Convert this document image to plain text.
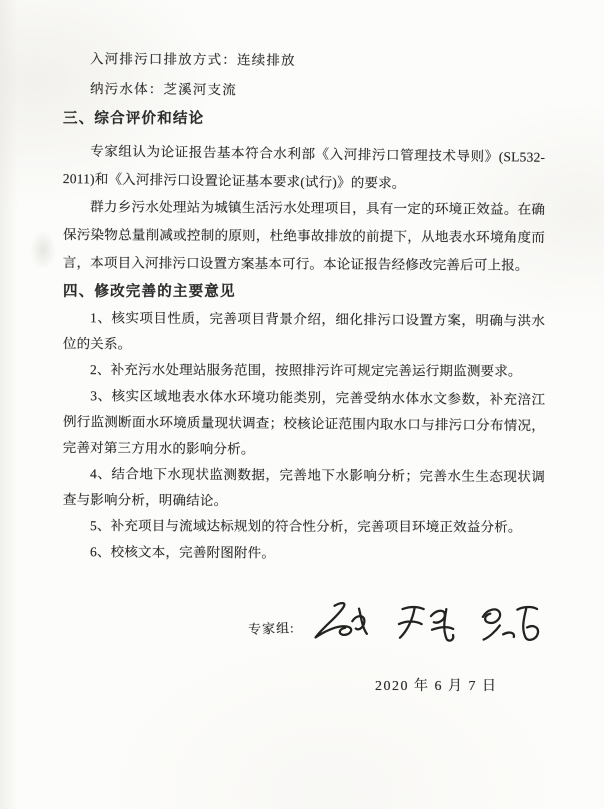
入河排污口排放方式：连续排放
纳污水体：芝溪河支流
三、综合评价和结论

专家组认为论证报告基本符合水利部《入河排污口管理技术导则》(SL532-2011)和《入河排污口设置论证基本要求(试行)》的要求。

群力乡污水处理站为城镇生活污水处理项目，具有一定的环境正效益。在确保污染物总量削减或控制的原则，杜绝事故排放的前提下，从地表水环境角度而言，本项目入河排污口设置方案基本可行。本论证报告经修改完善后可上报。

四、修改完善的主要意见

1、核实项目性质，完善项目背景介绍，细化排污口设置方案，明确与洪水位的关系。

2、补充污水处理站服务范围，按照排污许可规定完善运行期监测要求。

3、核实区域地表水体水环境功能类别，完善受纳水体水文参数，补充涪江例行监测断面水环境质量现状调查；校核论证范围内取水口与排污口分布情况，完善对第三方用水的影响分析。

4、结合地下水现状监测数据，完善地下水影响分析；完善水生生态现状调查与影响分析，明确结论。

5、补充项目与流域达标规划的符合性分析，完善项目环境正效益分析。

6、校核文本，完善附图附件。

专家组:
2020 年 6 月 7 日
